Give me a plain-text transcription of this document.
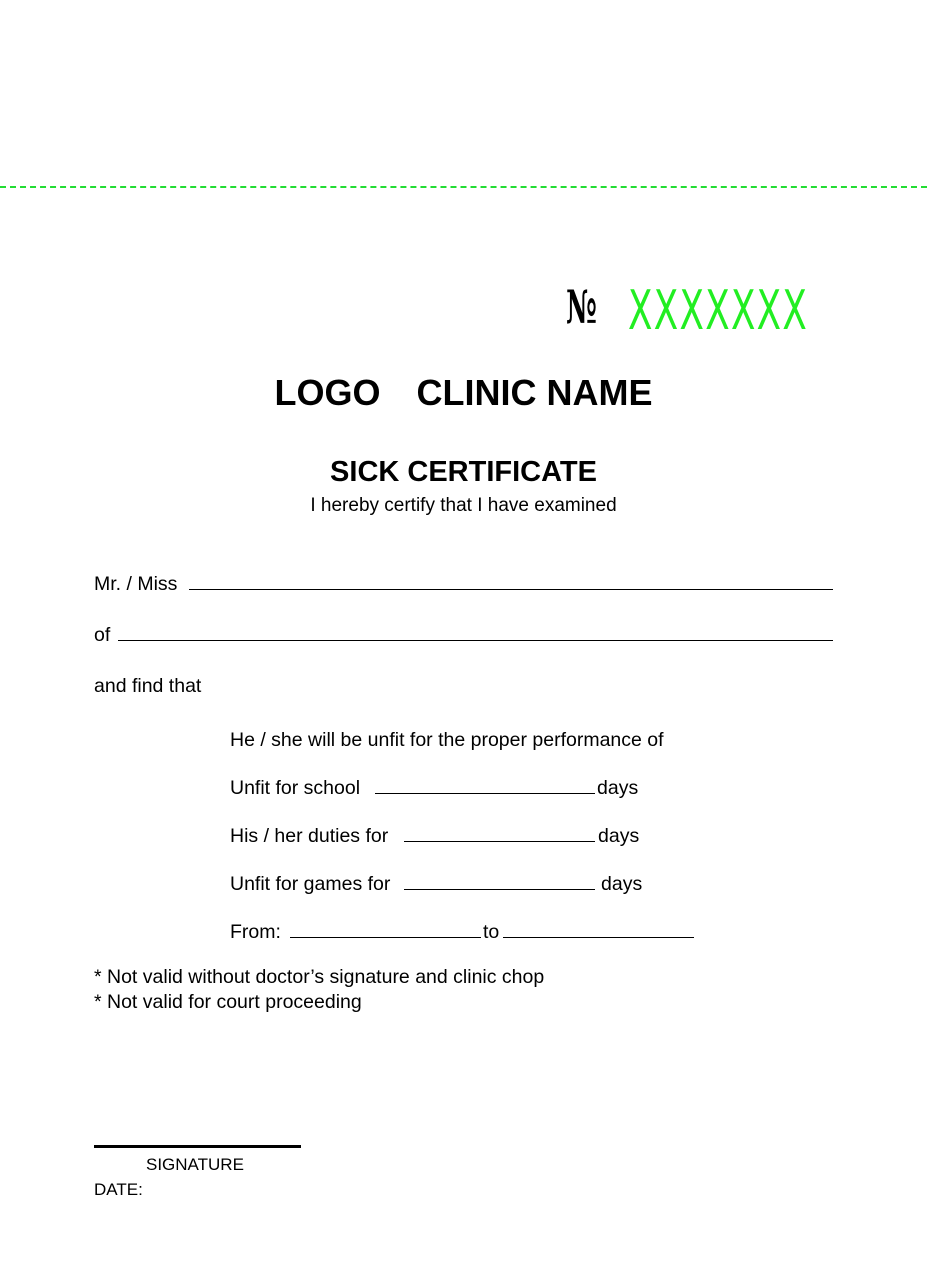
№ XXXXXXX
LOGO CLINIC NAME
SICK CERTIFICATE
I hereby certify that I have examined
Mr. / Miss
of
and find that
He / she will be unfit for the proper performance of
Unfit for school	days
His / her duties for	days
Unfit for games for	days
From:	to
* Not valid without doctor’s signature and clinic chop
* Not valid for court proceeding
SIGNATURE
DATE:
